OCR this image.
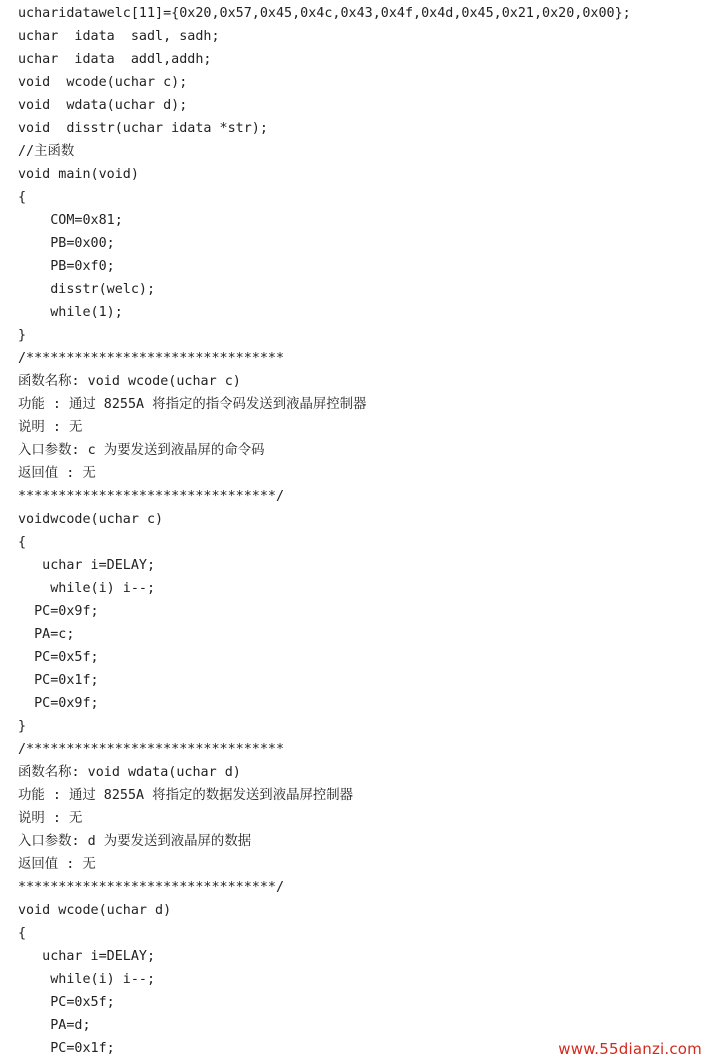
ucharidatawelc[11]={0x20,0x57,0x45,0x4c,0x43,0x4f,0x4d,0x45,0x21,0x20,0x00};
uchar  idata  sadl, sadh;
uchar  idata  addl,addh;
void  wcode(uchar c);
void  wdata(uchar d);
void  disstr(uchar idata *str);
//主函数
void main(void)
{
COM=0x81;
PB=0x00;
PB=0xf0;
disstr(welc);
while(1);
}
/********************************
函数名称: void wcode(uchar c)
功能 : 通过 8255A 将指定的指令码发送到液晶屏控制器
说明 : 无
入口参数: c 为要发送到液晶屏的命令码
返回值 : 无
********************************/
voidwcode(uchar c)
{
uchar i=DELAY;
while(i) i--;
PC=0x9f;
PA=c;
PC=0x5f;
PC=0x1f;
PC=0x9f;
}
/********************************
函数名称: void wdata(uchar d)
功能 : 通过 8255A 将指定的数据发送到液晶屏控制器
说明 : 无
入口参数: d 为要发送到液晶屏的数据
返回值 : 无
********************************/
void wcode(uchar d)
{
uchar i=DELAY;
while(i) i--;
PC=0x5f;
PA=d;
PC=0x1f;	www.55dianzi.com
